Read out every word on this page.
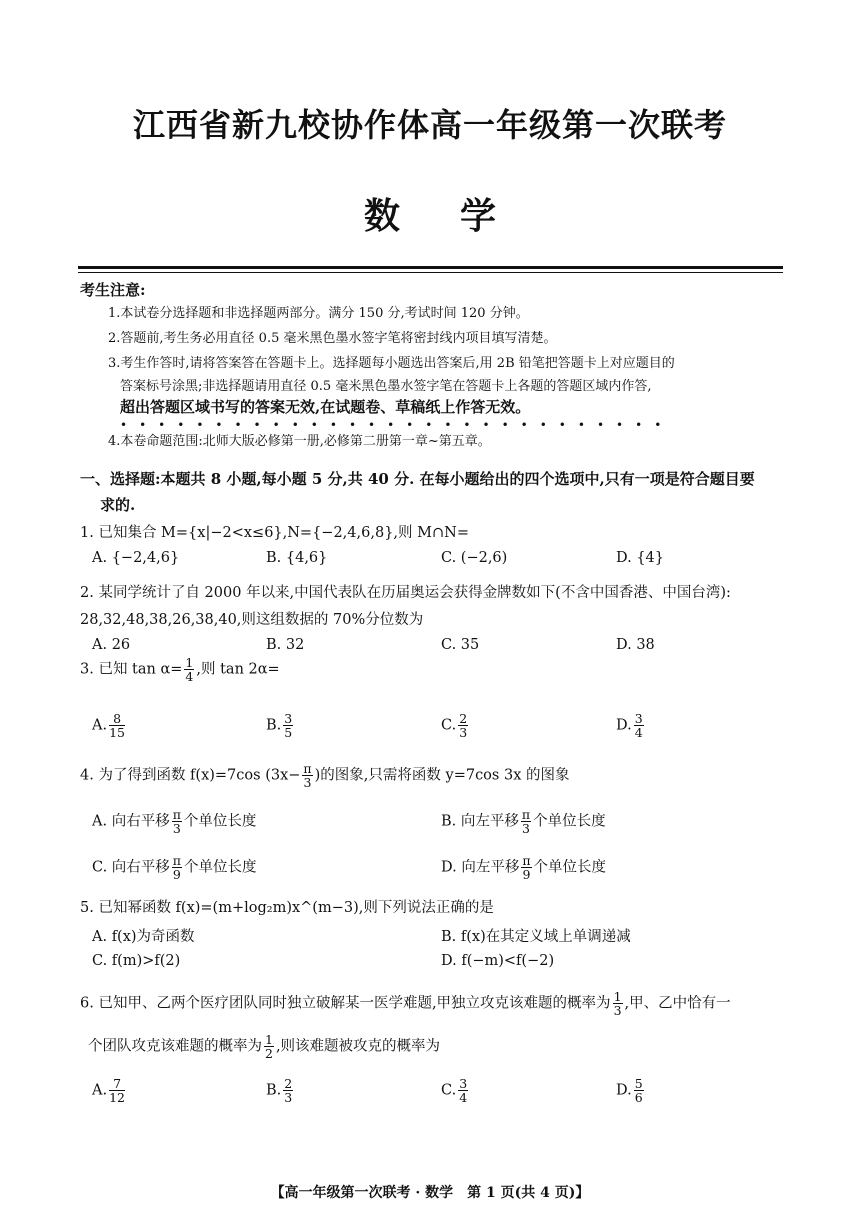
江西省新九校协作体高一年级第一次联考
数学
考生注意:
1.本试卷分选择题和非选择题两部分。满分 150 分,考试时间 120 分钟。
2.答题前,考生务必用直径 0.5 毫米黑色墨水签字笔将密封线内项目填写清楚。
3.考生作答时,请将答案答在答题卡上。选择题每小题选出答案后,用 2B 铅笔把答题卡上对应题目的
答案标号涂黑;非选择题请用直径 0.5 毫米黑色墨水签字笔在答题卡上各题的答题区域内作答,
超出答题区域书写的答案无效,在试题卷、草稿纸上作答无效。
•••••••••••••••••••••••••••••
4.本卷命题范围:北师大版必修第一册,必修第二册第一章~第五章。
一、选择题:本题共 8 小题,每小题 5 分,共 40 分. 在每小题给出的四个选项中,只有一项是符合题目要
求的.
1. 已知集合 M={x|−2<x≤6},N={−2,4,6,8},则 M∩N=
A. {−2,4,6}	B. {4,6}	C. (−2,6)	D. {4}
2. 某同学统计了自 2000 年以来,中国代表队在历届奥运会获得金牌数如下(不含中国香港、中国台湾):
28,32,48,38,26,38,40,则这组数据的 70%分位数为
A. 26	B. 32	C. 35	D. 38
3. 已知 $\tan \alpha= \frac{1}{4}$ ,则 tan 2α=
A. $\frac{8}{15}$	B. $\frac{3}{5}$	C. $\frac{2}{3}$	D. $\frac{3}{4}$
4. 为了得到函数 f(x)=7cos ($3x- \frac{\pi}{3}$ )的图象,只需将函数 y=7cos 3x 的图象
A. 向右平移 $\frac{\pi}{3}$ 个单位长度	B. 向左平移 $\frac{\pi}{3}$ 个单位长度
C. 向右平移 $\frac{\pi}{9}$ 个单位长度	D. 向左平移 $\frac{\pi}{9}$ 个单位长度
5. 已知幂函数 f(x)=(m+log₂m)x^(m−3),则下列说法正确的是
A. f(x)为奇函数	B. f(x)在其定义域上单调递减
C. f(m)>f(2)	D. f(−m)<f(−2)
6. 已知甲、乙两个医疗团队同时独立破解某一医学难题,甲独立攻克该难题的概率为 $\frac{1}{3}$ ,甲、乙中恰有一
个团队攻克该难题的概率为 $\frac{1}{2}$ ,则该难题被攻克的概率为
A. $\frac{7}{12}$	B. $\frac{2}{3}$	C. $\frac{3}{4}$	D. $\frac{5}{6}$
【高一年级第一次联考 · 数学　第 1 页(共 4 页)】
